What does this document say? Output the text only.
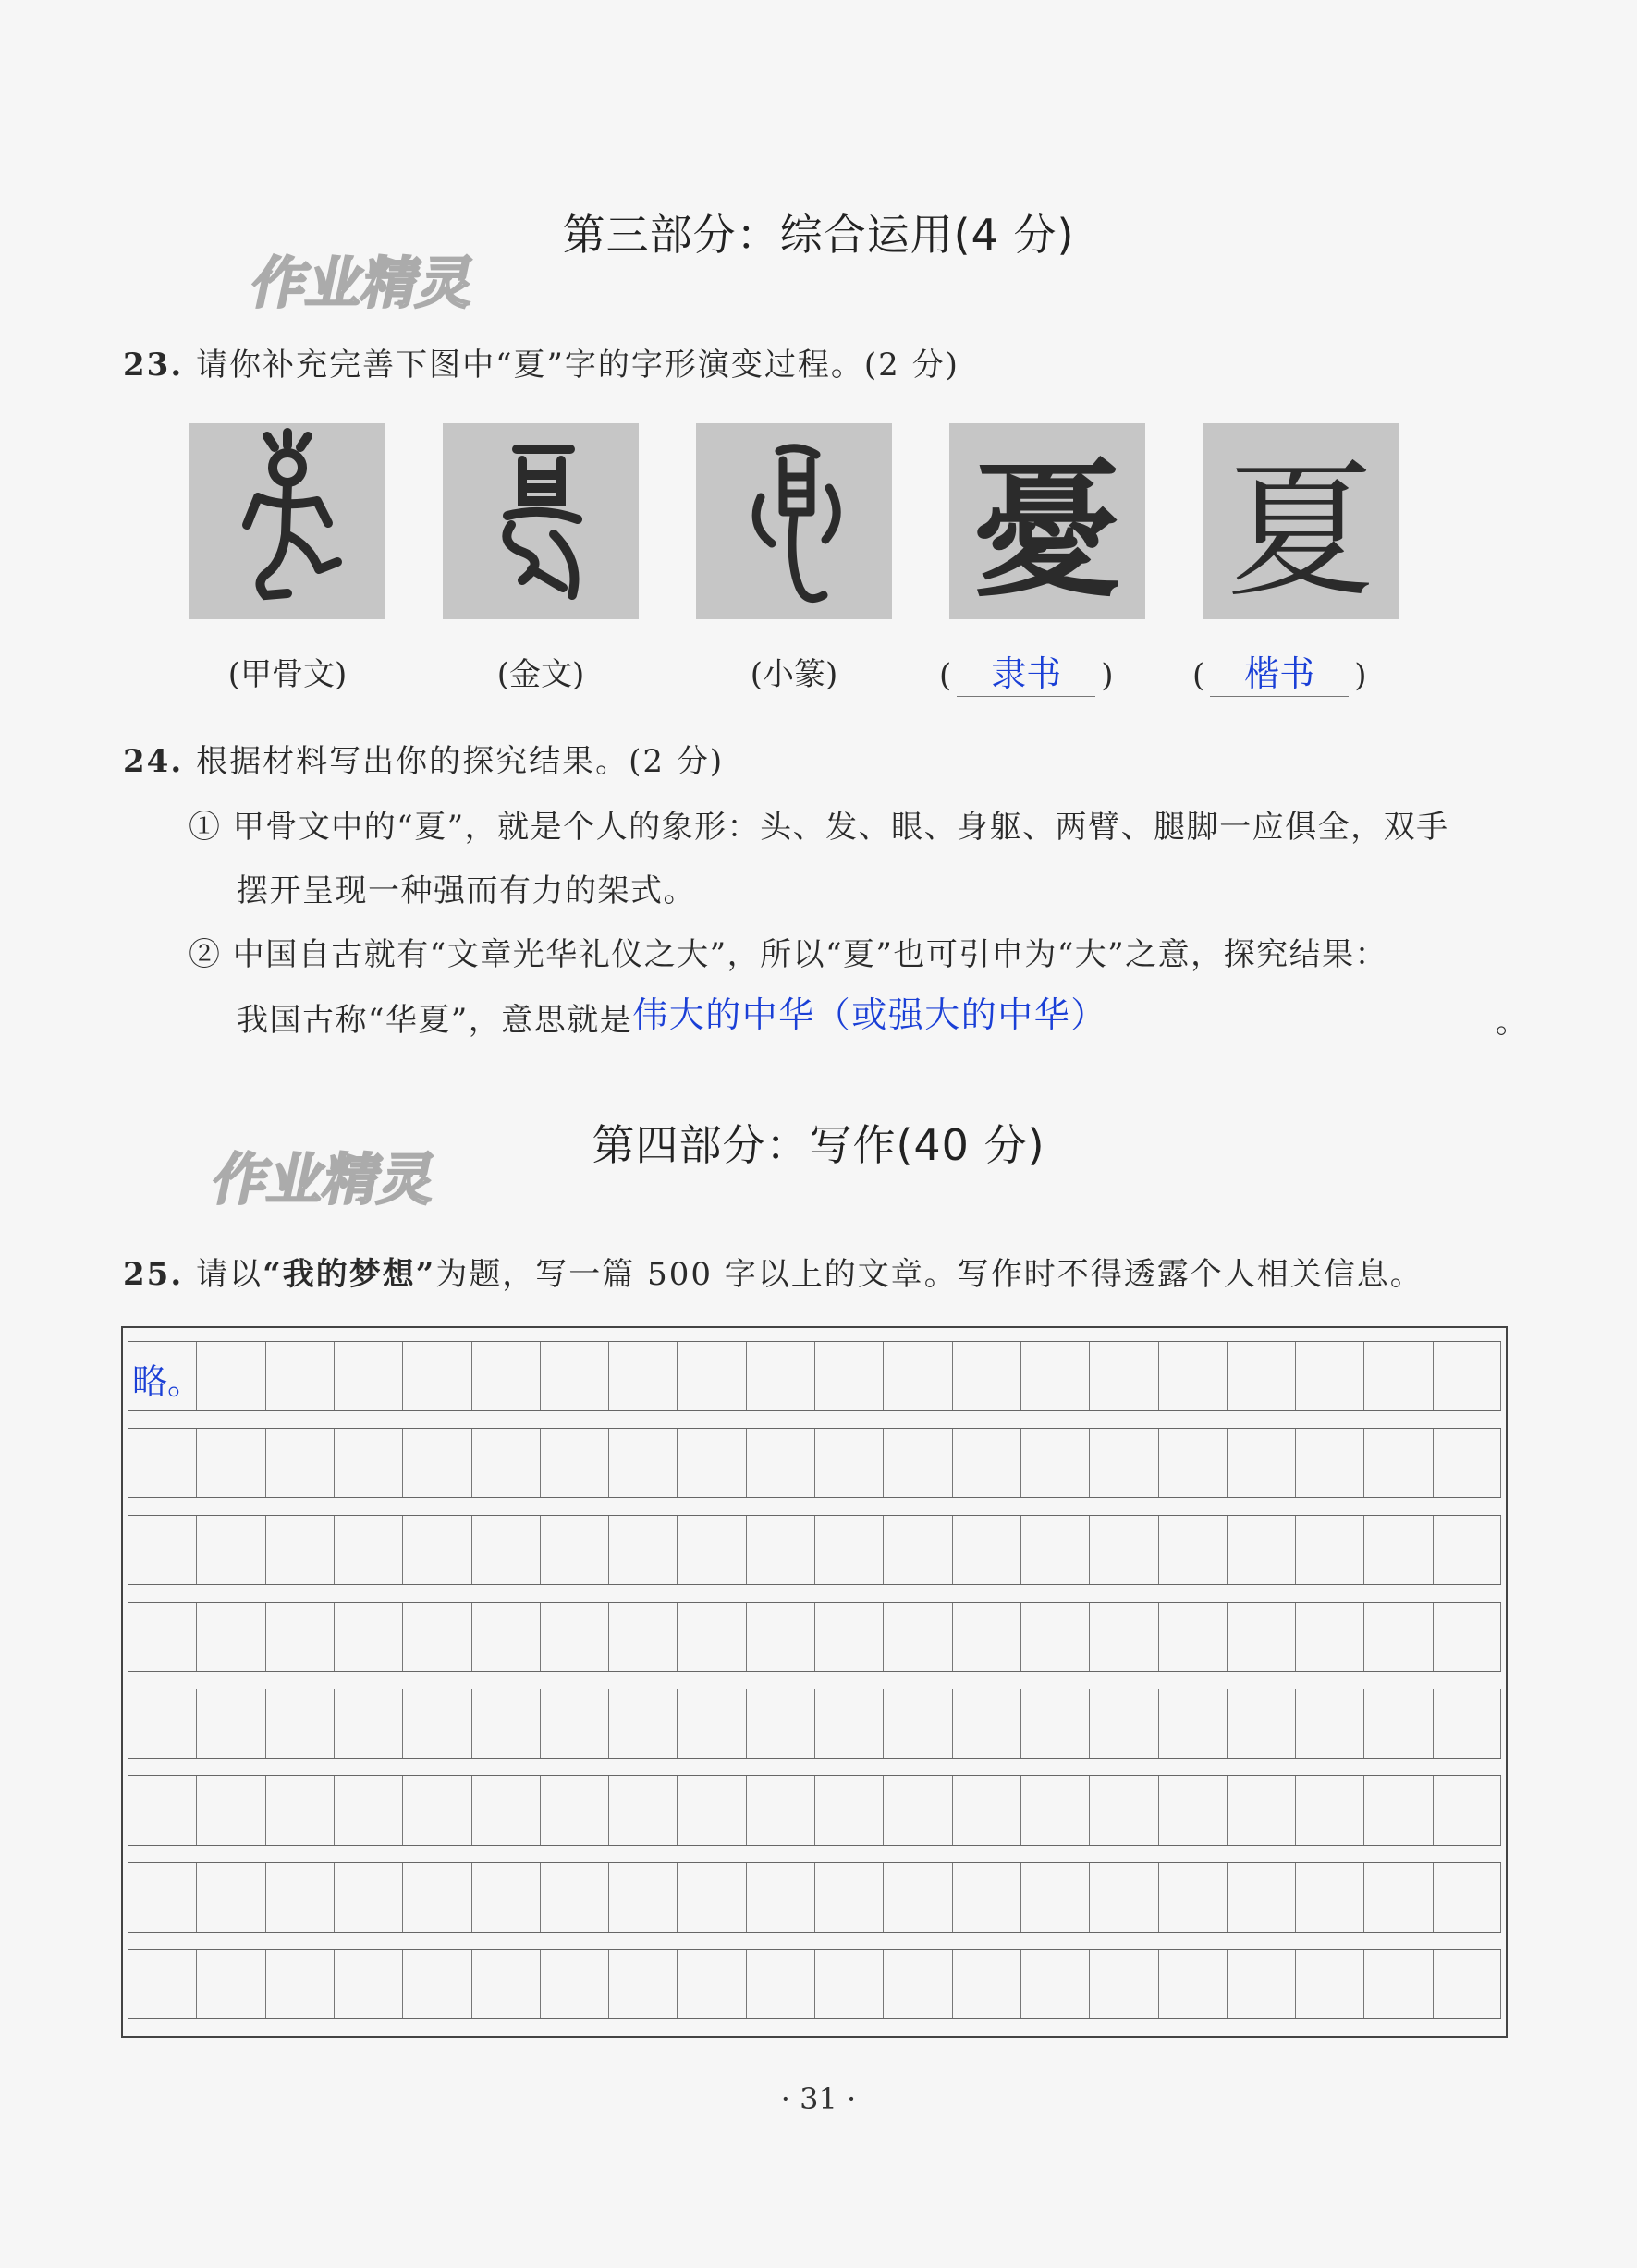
作业精灵
作业精灵
第三部分：综合运用(4 分)
23. 请你补充完善下图中“夏”字的字形演变过程。(2 分)
憂 夏
(甲骨文)	(金文)	(小篆)	( 隶书 )	( 楷书 )
24. 根据材料写出你的探究结果。(2 分)
① 甲骨文中的“夏”，就是个人的象形：头、发、眼、身躯、两臂、腿脚一应俱全，双手
摆开呈现一种强而有力的架式。
② 中国自古就有“文章光华礼仪之大”，所以“夏”也可引申为“大”之意，探究结果：
我国古称“华夏”，意思就是伟大的中华（或强大的中华）	。
第四部分：写作(40 分)
25. 请以“我的梦想”为题，写一篇 500 字以上的文章。写作时不得透露个人相关信息。
略。
· 31 ·
